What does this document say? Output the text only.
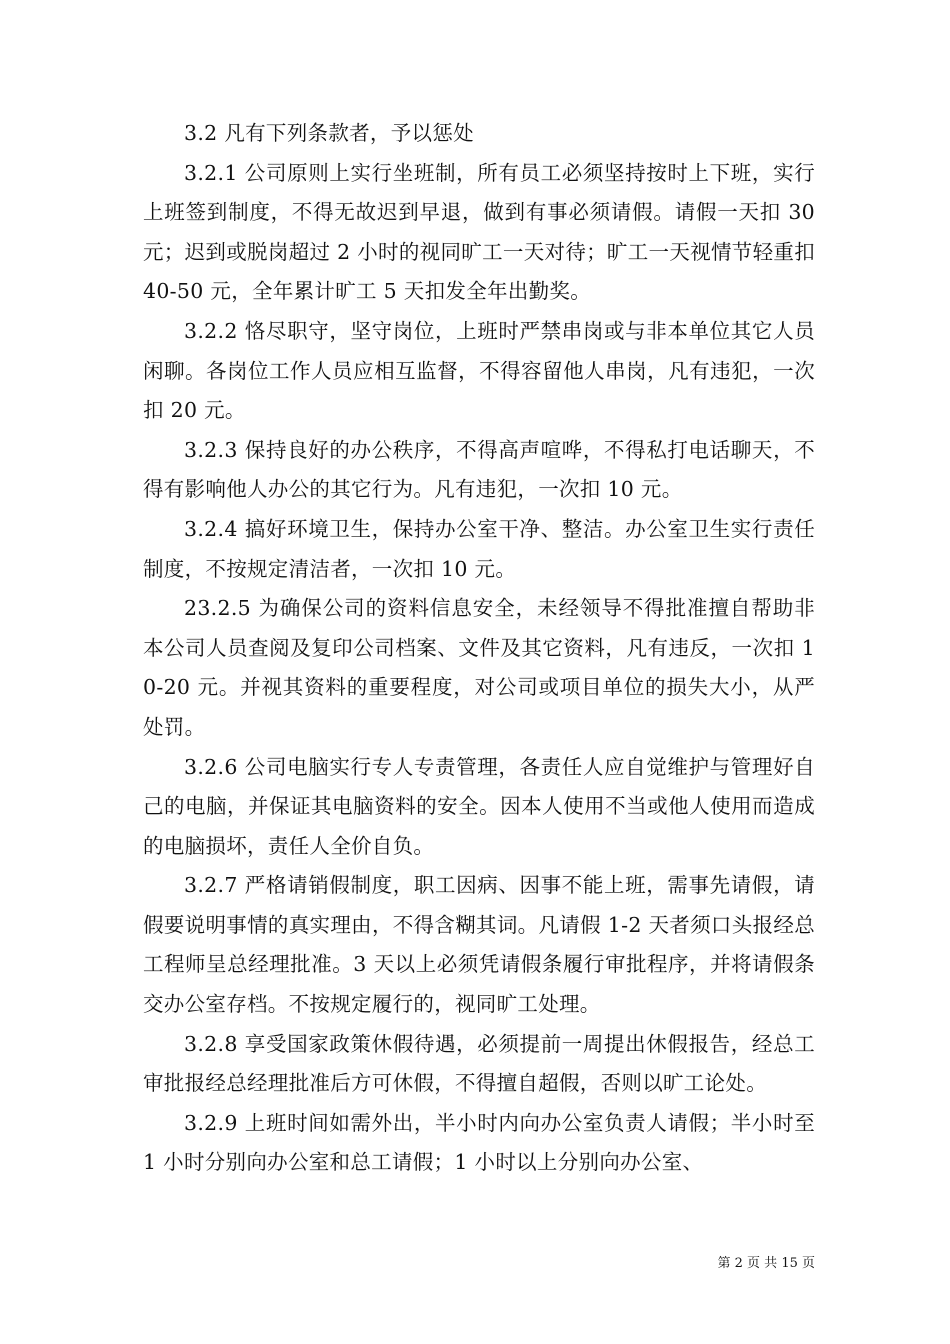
3.2 凡有下列条款者，予以惩处

3.2.1 公司原则上实行坐班制，所有员工必须坚持按时上下班，实行上班签到制度，不得无故迟到早退，做到有事必须请假。请假一天扣 30 元；迟到或脱岗超过 2 小时的视同旷工一天对待；旷工一天视情节轻重扣 40-50 元，全年累计旷工 5 天扣发全年出勤奖。

3.2.2 恪尽职守，坚守岗位，上班时严禁串岗或与非本单位其它人员闲聊。各岗位工作人员应相互监督，不得容留他人串岗，凡有违犯，一次扣 20 元。

3.2.3 保持良好的办公秩序，不得高声喧哗，不得私打电话聊天，不得有影响他人办公的其它行为。凡有违犯，一次扣 10 元。

3.2.4 搞好环境卫生，保持办公室干净、整洁。办公室卫生实行责任制度，不按规定清洁者，一次扣 10 元。

23.2.5 为确保公司的资料信息安全，未经领导不得批准擅自帮助非本公司人员查阅及复印公司档案、文件及其它资料，凡有违反，一次扣 10-20 元。并视其资料的重要程度，对公司或项目单位的损失大小，从严处罚。

3.2.6 公司电脑实行专人专责管理，各责任人应自觉维护与管理好自己的电脑，并保证其电脑资料的安全。因本人使用不当或他人使用而造成的电脑损坏，责任人全价自负。

3.2.7 严格请销假制度，职工因病、因事不能上班，需事先请假，请假要说明事情的真实理由，不得含糊其词。凡请假 1-2 天者须口头报经总工程师呈总经理批准。3 天以上必须凭请假条履行审批程序，并将请假条交办公室存档。不按规定履行的，视同旷工处理。

3.2.8 享受国家政策休假待遇，必须提前一周提出休假报告，经总工审批报经总经理批准后方可休假，不得擅自超假，否则以旷工论处。

3.2.9 上班时间如需外出，半小时内向办公室负责人请假；半小时至 1 小时分别向办公室和总工请假；1 小时以上分别向办公室、

第 2 页 共 15 页
